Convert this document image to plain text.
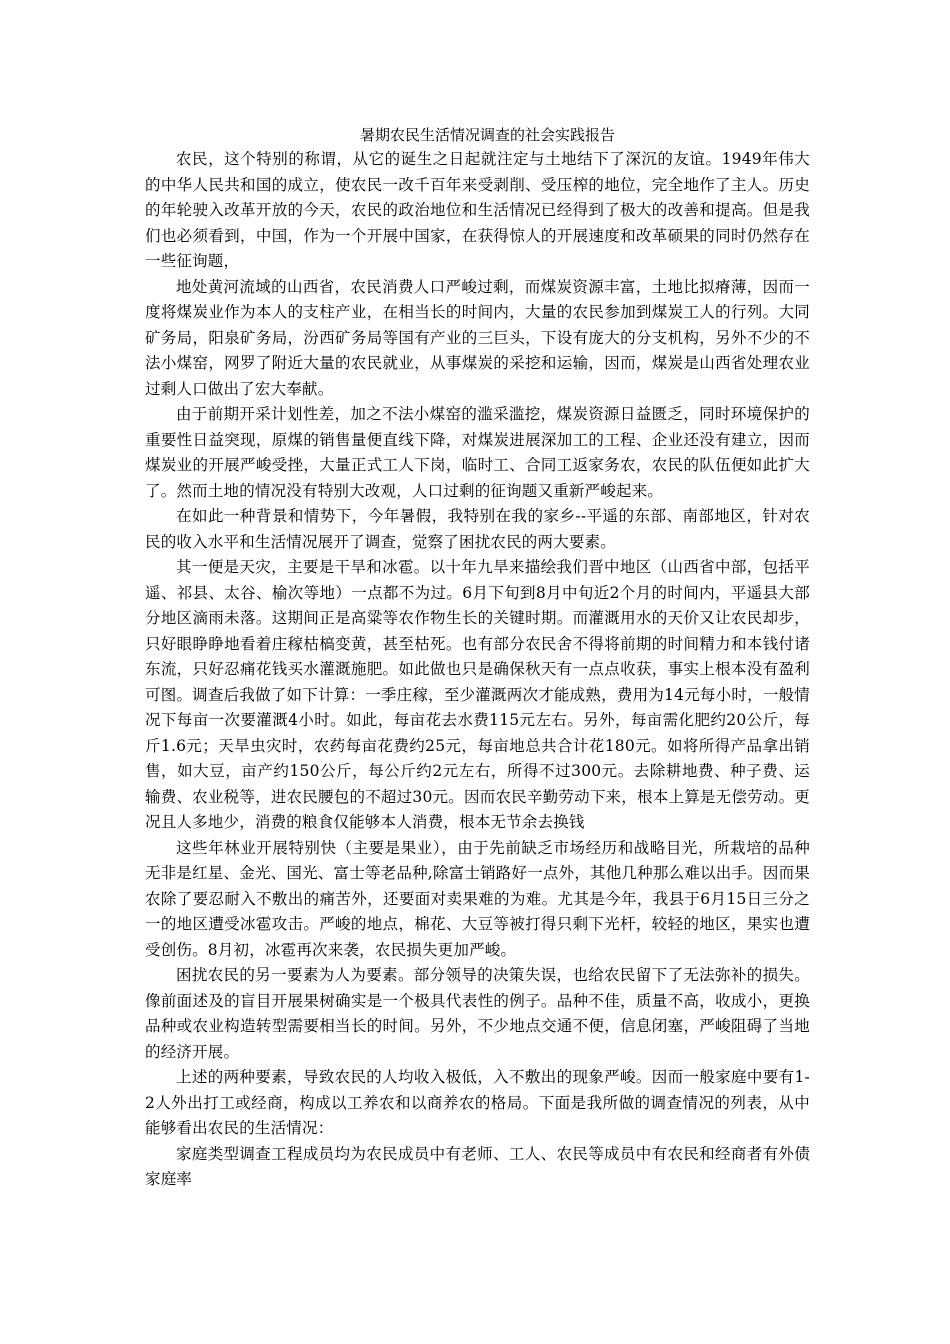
暑期农民生活情况调查的社会实践报告

农民，这个特别的称谓，从它的诞生之日起就注定与土地结下了深沉的友谊。1949年伟大的中华人民共和国的成立，使农民一改千百年来受剥削、受压榨的地位，完全地作了主人。历史的年轮驶入改革开放的今天，农民的政治地位和生活情况已经得到了极大的改善和提高。但是我们也必须看到，中国，作为一个开展中国家，在获得惊人的开展速度和改革硕果的同时仍然存在一些征询题，

地处黄河流域的山西省，农民消费人口严峻过剩，而煤炭资源丰富，土地比拟瘠薄，因而一度将煤炭业作为本人的支柱产业，在相当长的时间内，大量的农民参加到煤炭工人的行列。大同矿务局，阳泉矿务局，汾西矿务局等国有产业的三巨头，下设有庞大的分支机构，另外不少的不法小煤窑，网罗了附近大量的农民就业，从事煤炭的采挖和运输，因而，煤炭是山西省处理农业过剩人口做出了宏大奉献。

由于前期开采计划性差，加之不法小煤窑的滥采滥挖，煤炭资源日益匮乏，同时环境保护的重要性日益突现，原煤的销售量便直线下降，对煤炭进展深加工的工程、企业还没有建立，因而煤炭业的开展严峻受挫，大量正式工人下岗，临时工、合同工返家务农，农民的队伍便如此扩大了。然而土地的情况没有特别大改观，人口过剩的征询题又重新严峻起来。

在如此一种背景和情势下，今年暑假，我特别在我的家乡--平遥的东部、南部地区，针对农民的收入水平和生活情况展开了调查，觉察了困扰农民的两大要素。

其一便是天灾，主要是干旱和冰雹。以十年九旱来描绘我们晋中地区（山西省中部，包括平遥、祁县、太谷、榆次等地）一点都不为过。6月下旬到8月中旬近2个月的时间内，平遥县大部分地区滴雨未落。这期间正是高粱等农作物生长的关键时期。而灌溉用水的天价又让农民却步，只好眼睁睁地看着庄稼枯槁变黄，甚至枯死。也有部分农民舍不得将前期的时间精力和本钱付诸东流，只好忍痛花钱买水灌溉施肥。如此做也只是确保秋天有一点点收获，事实上根本没有盈利可图。调查后我做了如下计算：一季庄稼，至少灌溉两次才能成熟，费用为14元每小时，一般情况下每亩一次要灌溉4小时。如此，每亩花去水费115元左右。另外，每亩需化肥约20公斤，每斤1.6元；天旱虫灾时，农药每亩花费约25元，每亩地总共合计花180元。如将所得产品拿出销售，如大豆，亩产约150公斤，每公斤约2元左右，所得不过300元。去除耕地费、种子费、运输费、农业税等，进农民腰包的不超过30元。因而农民辛勤劳动下来，根本上算是无偿劳动。更况且人多地少，消费的粮食仅能够本人消费，根本无节余去换钱

这些年林业开展特别快（主要是果业），由于先前缺乏市场经历和战略目光，所栽培的品种无非是红星、金光、国光、富士等老品种,除富士销路好一点外，其他几种那么难以出手。因而果农除了要忍耐入不敷出的痛苦外，还要面对卖果难的为难。尤其是今年，我县于6月15日三分之一的地区遭受冰雹攻击。严峻的地点，棉花、大豆等被打得只剩下光杆，较轻的地区，果实也遭受创伤。8月初，冰雹再次来袭，农民损失更加严峻。

困扰农民的另一要素为人为要素。部分领导的决策失误，也给农民留下了无法弥补的损失。像前面述及的盲目开展果树确实是一个极具代表性的例子。品种不佳，质量不高，收成小，更换品种或农业构造转型需要相当长的时间。另外，不少地点交通不便，信息闭塞，严峻阻碍了当地的经济开展。

上述的两种要素，导致农民的人均收入极低，入不敷出的现象严峻。因而一般家庭中要有1-2人外出打工或经商，构成以工养农和以商养农的格局。下面是我所做的调查情况的列表，从中能够看出农民的生活情况：

家庭类型调查工程成员均为农民成员中有老师、工人、农民等成员中有农民和经商者有外债家庭率
